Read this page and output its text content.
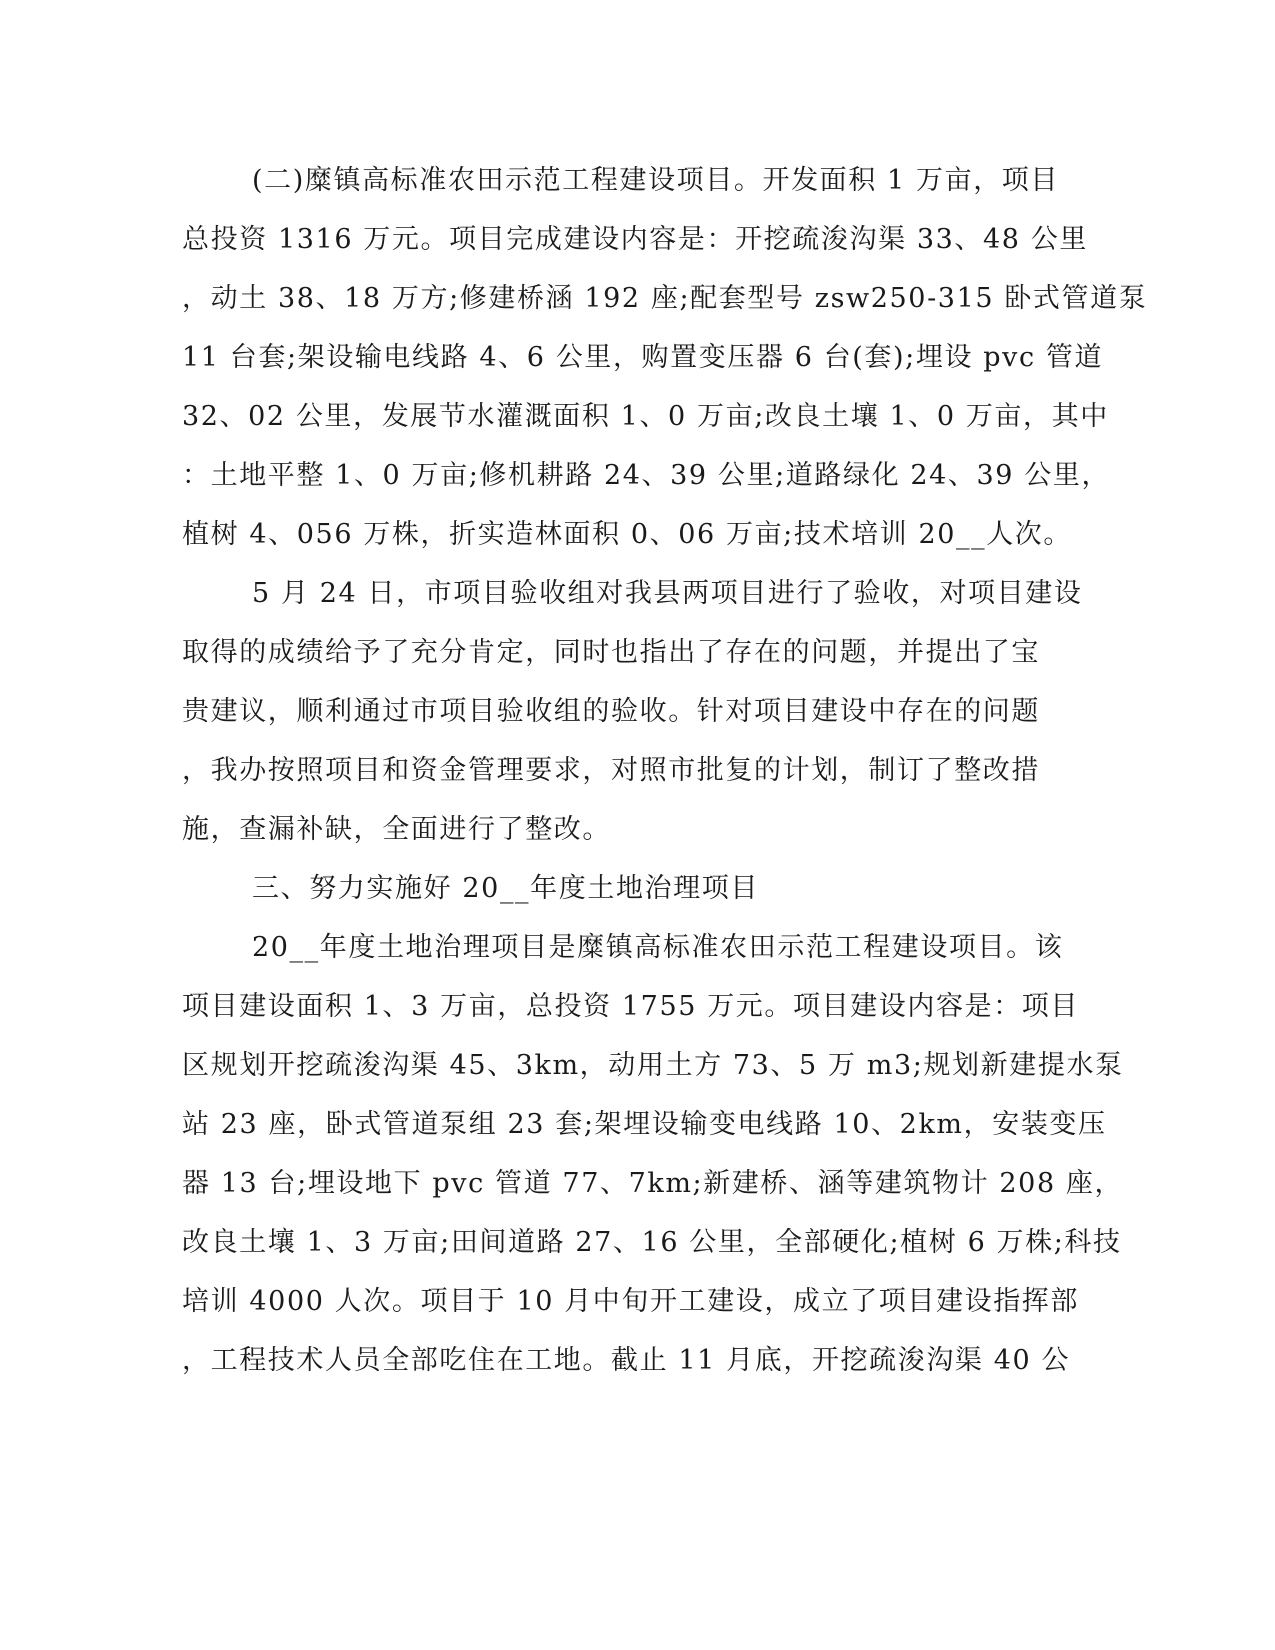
(二)糜镇高标准农田示范工程建设项目。开发面积 1 万亩，项目
总投资 1316 万元。项目完成建设内容是：开挖疏浚沟渠 33、48 公里
，动土 38、18 万方;修建桥涵 192 座;配套型号 zsw250-315 卧式管道泵
11 台套;架设输电线路 4、6 公里，购置变压器 6 台(套);埋设 pvc 管道
32、02 公里，发展节水灌溉面积 1、0 万亩;改良土壤 1、0 万亩，其中
：土地平整 1、0 万亩;修机耕路 24、39 公里;道路绿化 24、39 公里，
植树 4、056 万株，折实造林面积 0、06 万亩;技术培训 20__人次。
5 月 24 日，市项目验收组对我县两项目进行了验收，对项目建设
取得的成绩给予了充分肯定，同时也指出了存在的问题，并提出了宝
贵建议，顺利通过市项目验收组的验收。针对项目建设中存在的问题
，我办按照项目和资金管理要求，对照市批复的计划，制订了整改措
施，查漏补缺，全面进行了整改。
三、努力实施好 20__年度土地治理项目
20__年度土地治理项目是糜镇高标准农田示范工程建设项目。该
项目建设面积 1、3 万亩，总投资 1755 万元。项目建设内容是：项目
区规划开挖疏浚沟渠 45、3km，动用土方 73、5 万 m3;规划新建提水泵
站 23 座，卧式管道泵组 23 套;架埋设输变电线路 10、2km，安装变压
器 13 台;埋设地下 pvc 管道 77、7km;新建桥、涵等建筑物计 208 座，
改良土壤 1、3 万亩;田间道路 27、16 公里，全部硬化;植树 6 万株;科技
培训 4000 人次。项目于 10 月中旬开工建设，成立了项目建设指挥部
，工程技术人员全部吃住在工地。截止 11 月底，开挖疏浚沟渠 40 公
